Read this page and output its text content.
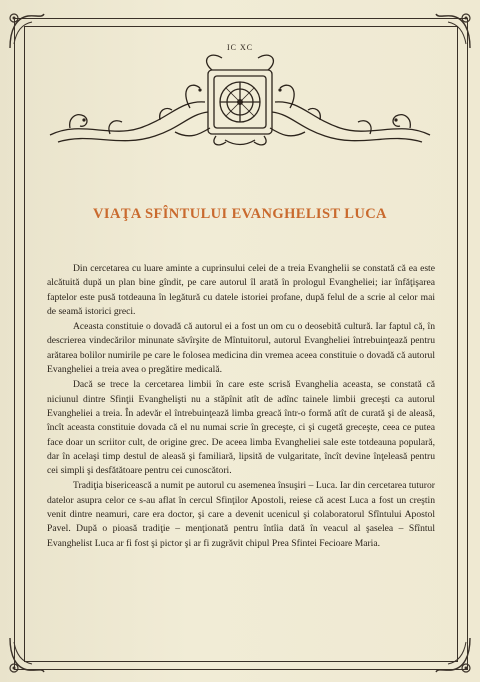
IC XC
VIAŢA SFÎNTULUI EVANGHELIST LUCA

Din cercetarea cu luare aminte a cuprinsului celei de a treia Evanghelii se constată că ea este alcătuită după un plan bine gîndit, pe care autorul îl arată în prologul Evangheliei; iar înfăţişarea faptelor este pusă totdeauna în legătură cu datele istoriei profane, după felul de a scrie al celor mai de seamă istorici greci.

Aceasta constituie o dovadă că autorul ei a fost un om cu o deosebită cultură. Iar faptul că, în descrierea vindecărilor minunate săvîrşite de Mîntuitorul, autorul Evangheliei întrebuinţează pentru arătarea bolilor numirile pe care le folosea medicina din vremea aceea constituie o dovadă că autorul Evangheliei a treia avea o pregătire medicală.

Dacă se trece la cercetarea limbii în care este scrisă Evanghelia aceasta, se constată că niciunul dintre Sfinţii Evanghelişti nu a stăpînit atît de adînc tainele limbii greceşti ca autorul Evangheliei a treia. În adevăr el întrebuinţează limba greacă într-o formă atît de curată şi de aleasă, încît aceasta constituie dovada că el nu numai scrie în greceşte, ci şi cugetă greceşte, ceea ce putea face doar un scriitor cult, de origine grec. De aceea limba Evangheliei sale este totdeauna populară, dar în acelaşi timp destul de aleasă şi familiară, lipsită de vulgaritate, încît devine înţeleasă pentru cei simpli şi desfătătoare pentru cei cunoscători.

Tradiţia bisericească a numit pe autorul cu asemenea însuşiri – Luca. Iar din cercetarea tuturor datelor asupra celor ce s-au aflat în cercul Sfinţilor Apostoli, reiese că acest Luca a fost un creştin venit dintre neamuri, care era doctor, şi care a devenit ucenicul şi colaboratorul Sfîntului Apostol Pavel. După o pioasă tradiţie – menţionată pentru întîia dată în veacul al şaselea – Sfîntul Evanghelist Luca ar fi fost şi pictor şi ar fi zugrăvit chipul Prea Sfintei Fecioare Maria.
